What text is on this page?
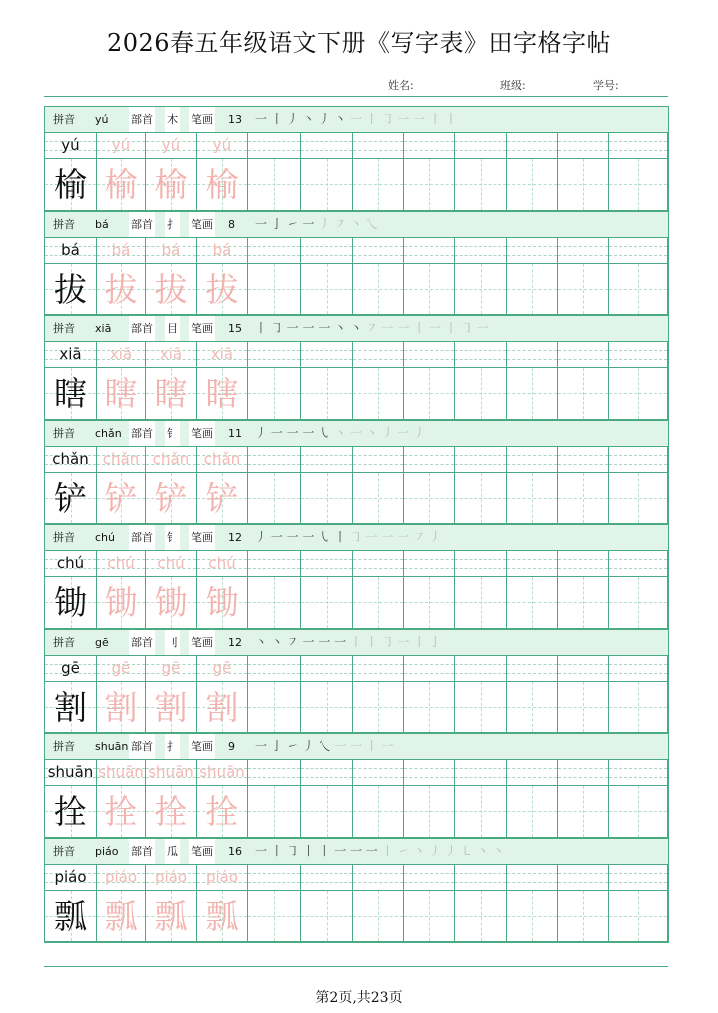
2026春五年级语文下册《写字表》田字格字帖
姓名:	班级:	学号:
拼音 yú 部首 木 笔画 13 一 丨 丿 丶 丿 丶 一 丨 ㇆ 一 一 丨 丨
yú	yú	yú	yú
榆 榆 榆 榆
拼音 bá 部首 扌 笔画 8 一 亅 ㇀ 一 丿 ㇇ 丶 乀
bá	bá	bá	bá
拔 拔 拔 拔
拼音 xiā 部首 目 笔画 15 丨 ㇆ 一 一 一 丶 丶 ㇇ 一 一 丨 一 丨 ㇆ 一
xiā	xiā	xiā	xiā
瞎 瞎 瞎 瞎
拼音 chǎn 部首 钅 笔画 11 丿 一 一 一 ㇂ 丶 一 丶 丿 一 丿
chǎn chǎn chǎn chǎn
铲 铲 铲 铲
拼音 chú 部首 钅 笔画 12 丿 一 一 一 ㇂ 丨 ㇆ 一 一 一 ㇇ 丿
chú	chú	chú	chú
锄 锄 锄 锄
拼音 gē 部首 刂 笔画 12 丶 丶 ㇇ 一 一 一 丨 丨 ㇆ 一 丨 亅
gē	gē	gē	gē
割 割 割 割
拼音 shuān 部首 扌 笔画 9 一 亅 ㇀ 丿 乀 一 一 丨 一
shuān shuān shuān shuān
拴 拴 拴 拴
拼音 piáo 部首 瓜 笔画 16 一 丨 ㇆ 丨 丨 一 一 一 丨 ㇀ 丶 丿 丿 ㇄ 丶 丶
piáo	piáo	piáo	piáo
瓢 瓢 瓢 瓢
第2页,共23页
